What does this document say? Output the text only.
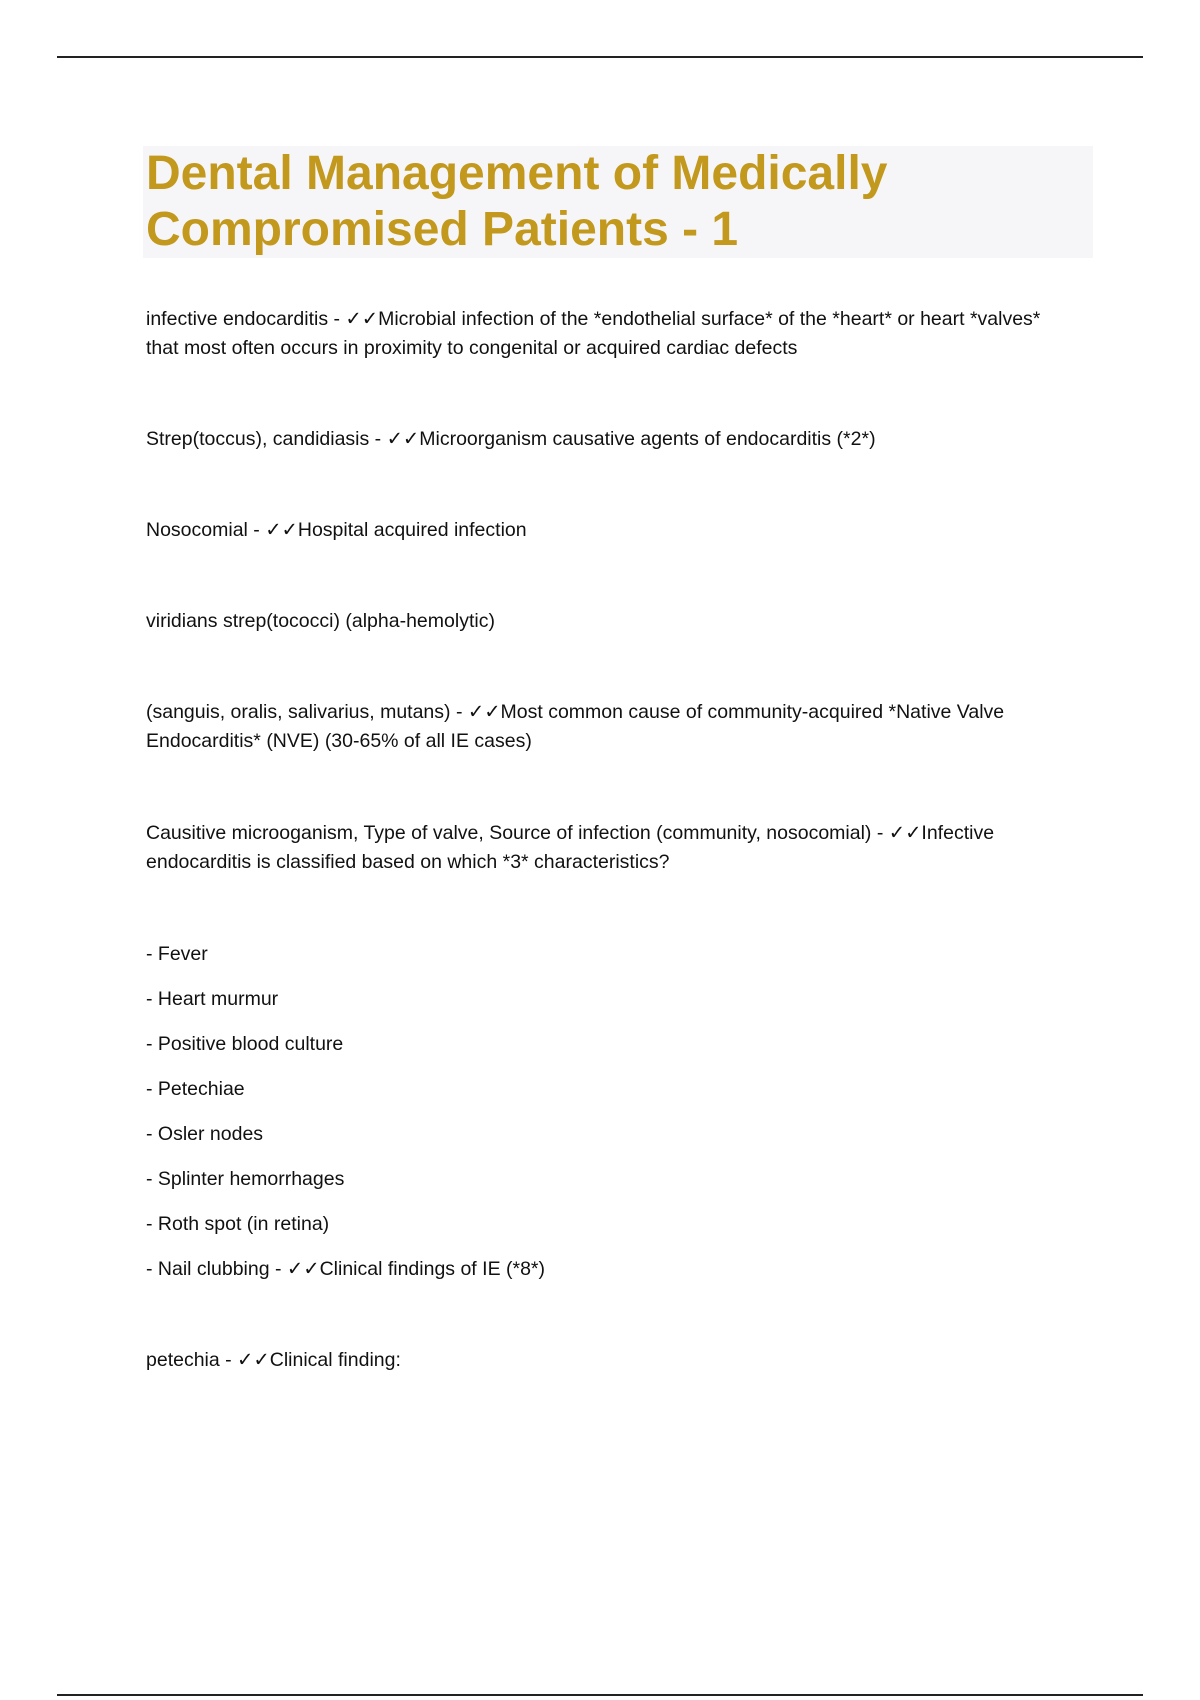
Dental Management of Medically Compromised Patients - 1

infective endocarditis - ✓✓Microbial infection of the *endothelial surface* of the *heart* or heart *valves* that most often occurs in proximity to congenital or acquired cardiac defects

Strep(toccus), candidiasis - ✓✓Microorganism causative agents of endocarditis (*2*)

Nosocomial - ✓✓Hospital acquired infection

viridians strep(tococci) (alpha-hemolytic)

(sanguis, oralis, salivarius, mutans) - ✓✓Most common cause of community-acquired *Native Valve Endocarditis* (NVE) (30-65% of all IE cases)

Causitive microoganism, Type of valve, Source of infection (community, nosocomial) - ✓✓Infective endocarditis is classified based on which *3* characteristics?

- Fever

- Heart murmur

- Positive blood culture

- Petechiae

- Osler nodes

- Splinter hemorrhages

- Roth spot (in retina)

- Nail clubbing - ✓✓Clinical findings of IE (*8*)

petechia - ✓✓Clinical finding:
